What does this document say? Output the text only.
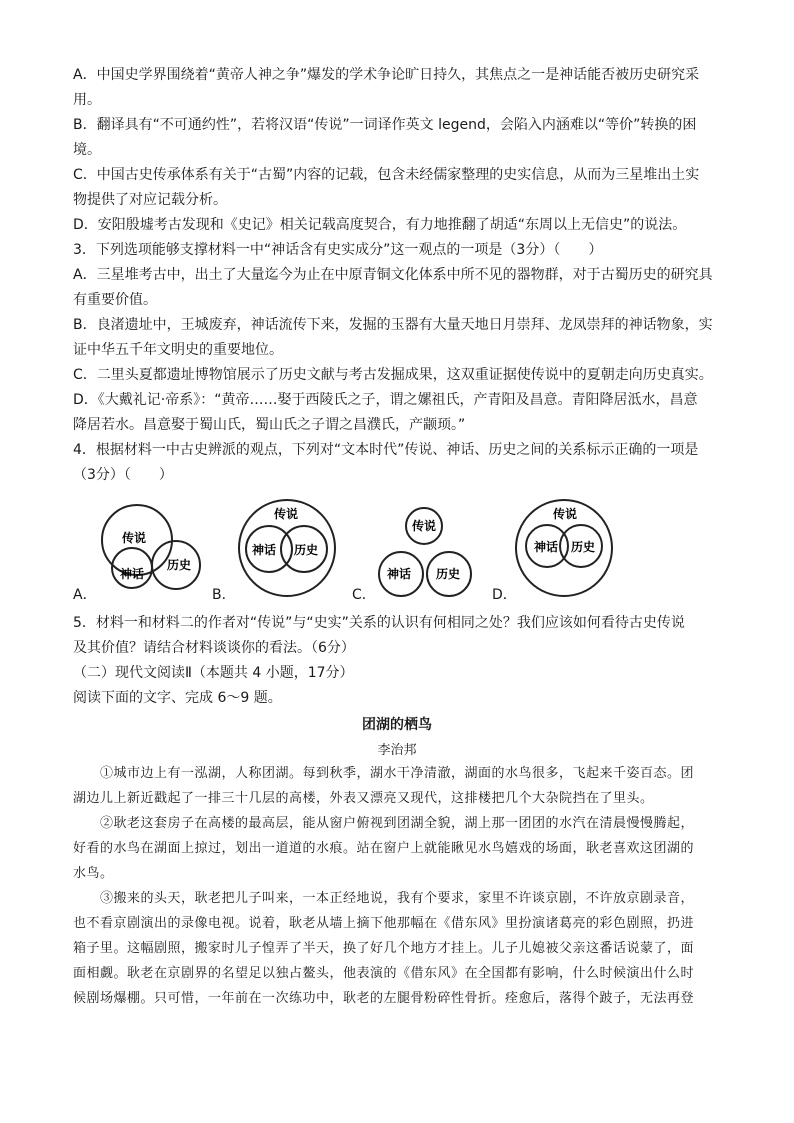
A．中国史学界围绕着“黄帝人神之争”爆发的学术争论旷日持久，其焦点之一是神话能否被历史研究采
用。
B．翻译具有“不可通约性”，若将汉语“传说”一词译作英文 legend，会陷入内涵难以“等价”转换的困
境。
C．中国古史传承体系有关于“古蜀”内容的记载，包含未经儒家整理的史实信息，从而为三星堆出土实
物提供了对应记载分析。
D．安阳殷墟考古发现和《史记》相关记载高度契合，有力地推翻了胡适“东周以上无信史”的说法。
3．下列选项能够支撑材料一中“神话含有史实成分”这一观点的一项是（3分）（　　）
A．三星堆考古中，出土了大量迄今为止在中原青铜文化体系中所不见的器物群，对于古蜀历史的研究具
有重要价值。
B．良渚遗址中，王城废弃，神话流传下来，发掘的玉器有大量天地日月崇拜、龙凤崇拜的神话物象，实
证中华五千年文明史的重要地位。
C．二里头夏都遗址博物馆展示了历史文献与考古发掘成果，这双重证据使传说中的夏朝走向历史真实。
D．《大戴礼记·帝系》：“黄帝……娶于西陵氏之子，谓之嫘祖氏，产青阳及昌意。青阳降居泜水，昌意
降居若水。昌意娶于蜀山氏，蜀山氏之子谓之昌濮氏，产颛顼。”
4．根据材料一中古史辨派的观点，下列对“文本时代”传说、神话、历史之间的关系标示正确的一项是
（3分）（　　）
传说
神话
历史
A．
传说
神话 历史
B．
传说
神话 历史
C．
传说
神话 历史
D．
5．材料一和材料二的作者对“传说”与“史实”关系的认识有何相同之处？我们应该如何看待古史传说
及其价值？请结合材料谈谈你的看法。（6分）
（二）现代文阅读Ⅱ（本题共 4 小题，17分）
阅读下面的文字、完成 6～9 题。
团湖的栖鸟
李治邦
　　①城市边上有一泓湖，人称团湖。每到秋季，湖水干净清澈，湖面的水鸟很多，飞起来千姿百态。团
湖边儿上新近戳起了一排三十几层的高楼，外表又漂亮又现代，这排楼把几个大杂院挡在了里头。
　　②耿老这套房子在高楼的最高层，能从窗户俯视到团湖全貌，湖上那一团团的水汽在清晨慢慢腾起，
好看的水鸟在湖面上掠过，划出一道道的水痕。站在窗户上就能瞅见水鸟嬉戏的场面，耿老喜欢这团湖的
水鸟。
　　③搬来的头天，耿老把儿子叫来，一本正经地说，我有个要求，家里不许谈京剧，不许放京剧录音，
也不看京剧演出的录像电视。说着，耿老从墙上摘下他那幅在《借东风》里扮演诸葛亮的彩色剧照，扔进
箱子里。这幅剧照，搬家时儿子惶弄了半天，换了好几个地方才挂上。儿子儿媳被父亲这番话说蒙了，面
面相觑。耿老在京剧界的名望足以独占鳌头，他表演的《借东风》在全国都有影响，什么时候演出什么时
候剧场爆棚。只可惜，一年前在一次练功中，耿老的左腿骨粉碎性骨折。痊愈后，落得个跛子，无法再登
